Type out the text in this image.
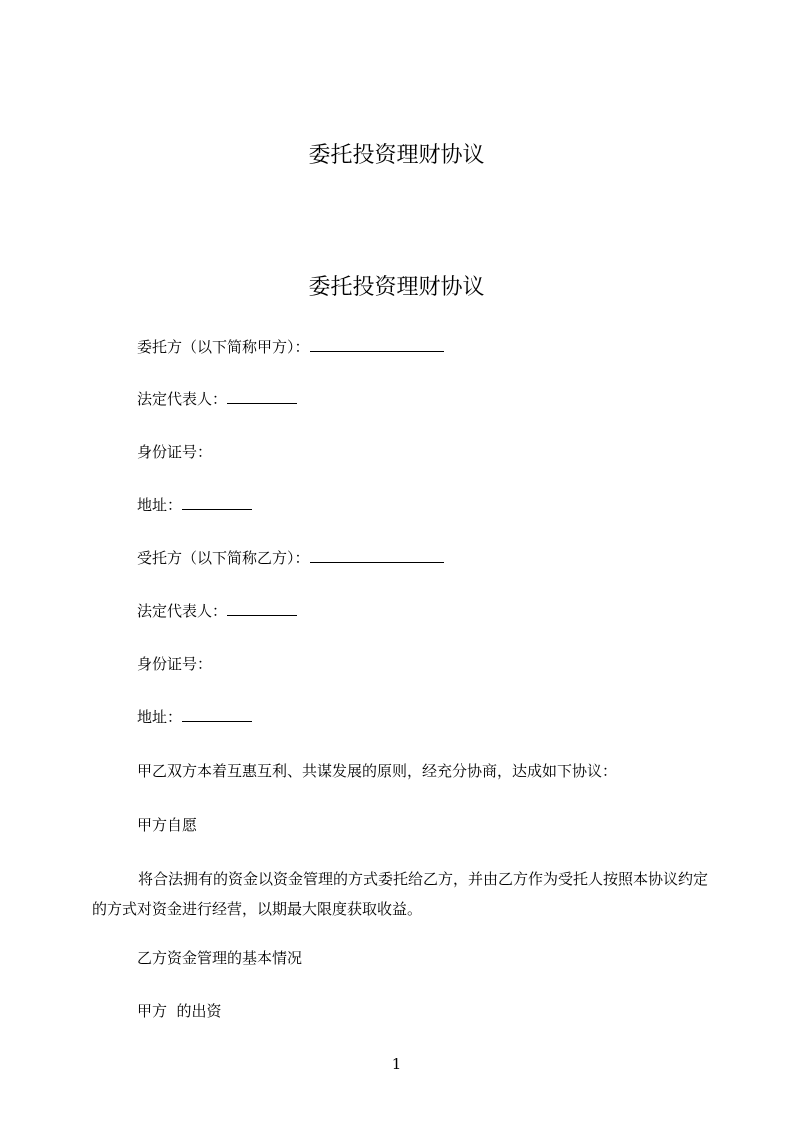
委托投资理财协议
委托投资理财协议
委托方（以下简称甲方）：
法定代表人：
身份证号：
地址：
受托方（以下简称乙方）：
法定代表人：
身份证号：
地址：
甲乙双方本着互惠互利、共谋发展的原则，经充分协商，达成如下协议：
甲方自愿
将合法拥有的资金以资金管理的方式委托给乙方，并由乙方作为受托人按照本协议约定的方式对资金进行经营，以期最大限度获取收益。
乙方资金管理的基本情况
甲方  的出资
1
